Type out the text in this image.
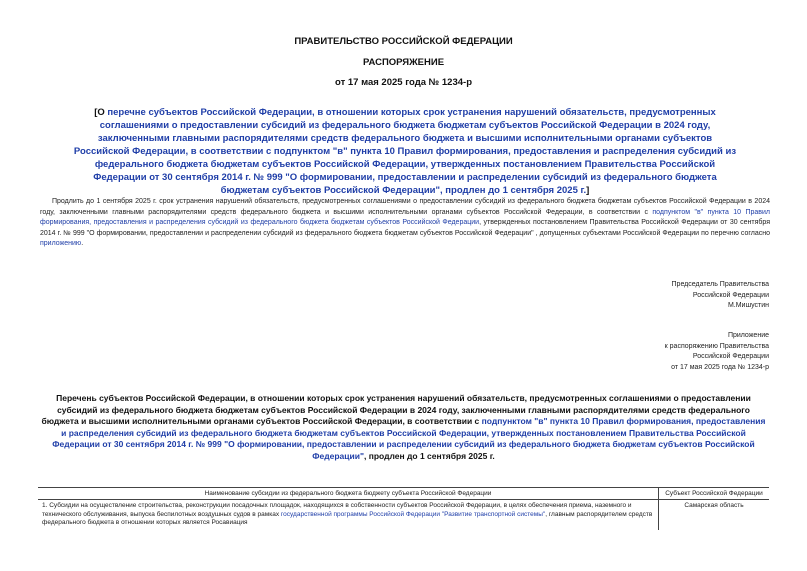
ПРАВИТЕЛЬСТВО РОССИЙСКОЙ ФЕДЕРАЦИИ
РАСПОРЯЖЕНИЕ
от 17 мая 2025 года № 1234-р
[О перечне субъектов Российской Федерации, в отношении которых срок устранения нарушений обязательств, предусмотренных соглашениями о предоставлении субсидий из федерального бюджета бюджетам субъектов Российской Федерации в 2024 году, заключенными главными распорядителями средств федерального бюджета и высшими исполнительными органами субъектов Российской Федерации, в соответствии с подпунктом "в" пункта 10 Правил формирования, предоставления и распределения субсидий из федерального бюджета бюджетам субъектов Российской Федерации, утвержденных постановлением Правительства Российской Федерации от 30 сентября 2014 г. № 999 "О формировании, предоставлении и распределении субсидий из федерального бюджета бюджетам субъектов Российской Федерации", продлен до 1 сентября 2025 г.]
Продлить до 1 сентября 2025 г. срок устранения нарушений обязательств, предусмотренных соглашениями о предоставлении субсидий из федерального бюджета бюджетам субъектов Российской Федерации в 2024 году, заключенными главными распорядителями средств федерального бюджета и высшими исполнительными органами субъектов Российской Федерации, в соответствии с подпунктом "в" пункта 10 Правил формирования, предоставления и распределения субсидий из федерального бюджета бюджетам субъектов Российской Федерации, утвержденных постановлением Правительства Российской Федерации от 30 сентября 2014 г. № 999 "О формировании, предоставлении и распределении субсидий из федерального бюджета бюджетам субъектов Российской Федерации" , допущенных субъектами Российской Федерации по перечню согласно приложению.
Председатель Правительства
Российской Федерации
М.Мишустин
Приложение
к распоряжению Правительства
Российской Федерации
от 17 мая 2025 года № 1234-р
Перечень субъектов Российской Федерации, в отношении которых срок устранения нарушений обязательств, предусмотренных соглашениями о предоставлении субсидий из федерального бюджета бюджетам субъектов Российской Федерации в 2024 году, заключенными главными распорядителями средств федерального бюджета и высшими исполнительными органами субъектов Российской Федерации, в соответствии с подпунктом "в" пункта 10 Правил формирования, предоставления и распределения субсидий из федерального бюджета бюджетам субъектов Российской Федерации, утвержденных постановлением Правительства Российской Федерации от 30 сентября 2014 г. № 999 "О формировании, предоставлении и распределении субсидий из федерального бюджета бюджетам субъектов Российской Федерации", продлен до 1 сентября 2025 г.
Наименование субсидии из федерального бюджета бюджету субъекта Российской Федерации	Субъект Российской Федерации
1. Субсидии на осуществление строительства, реконструкции посадочных площадок, находящихся в собственности субъектов Российской Федерации, в целях обеспечения приема, наземного и технического обслуживания, выпуска беспилотных воздушных судов в рамках государственной программы Российской Федерации "Развитие транспортной системы", главным распорядителем средств федерального бюджета в отношении которых является Росавиация	Самарская область
